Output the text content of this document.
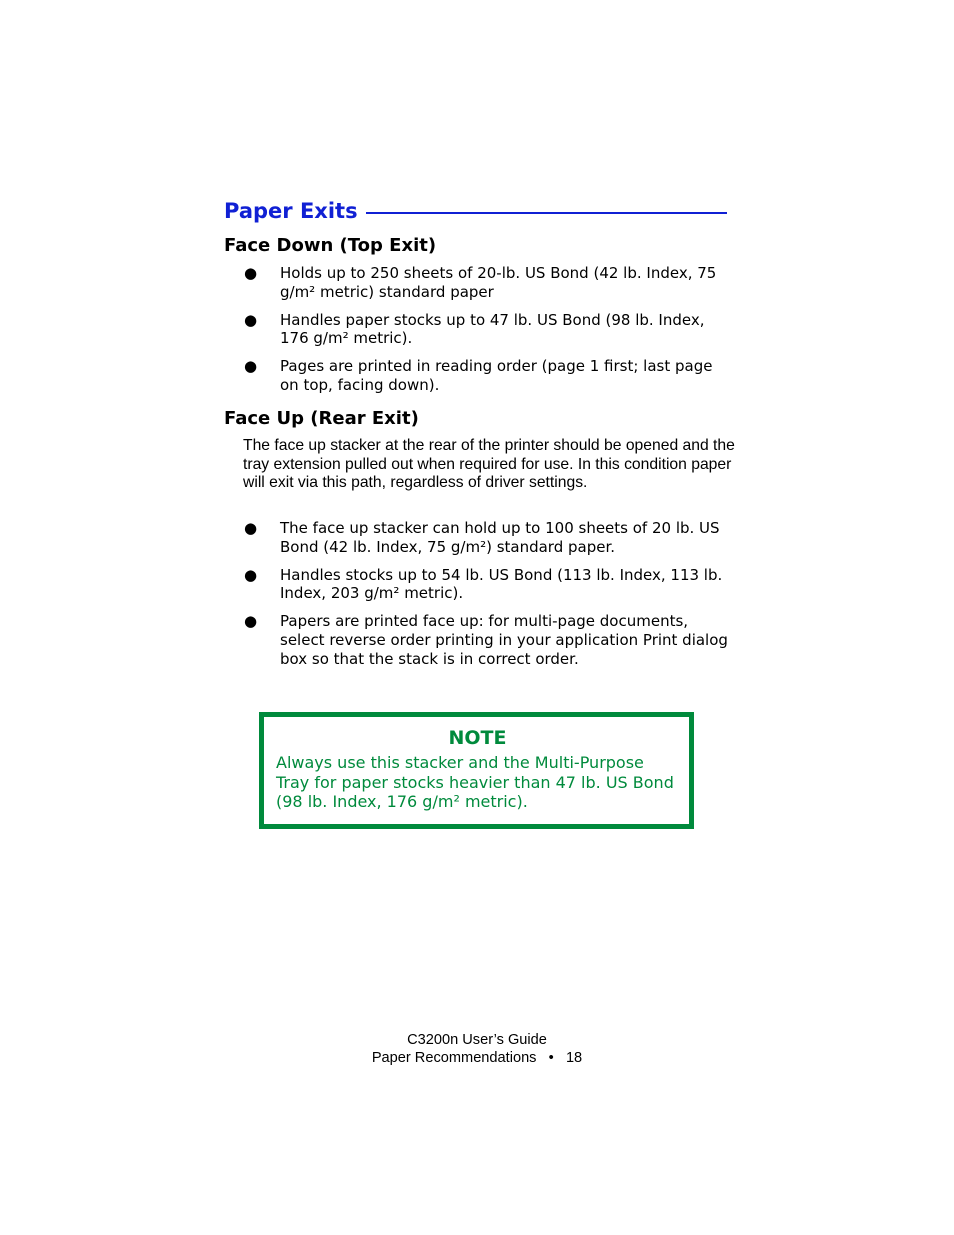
Paper Exits
Face Down (Top Exit)
● Holds up to 250 sheets of 20-lb. US Bond (42 lb. Index, 75 g/m² metric) standard paper
● Handles paper stocks up to 47 lb. US Bond (98 lb. Index, 176 g/m² metric).
● Pages are printed in reading order (page 1 first; last page on top, facing down).
Face Up (Rear Exit)

The face up stacker at the rear of the printer should be opened and the tray extension pulled out when required for use. In this condition paper will exit via this path, regardless of driver settings.

● The face up stacker can hold up to 100 sheets of 20 lb. US Bond (42 lb. Index, 75 g/m²) standard paper.
● Handles stocks up to 54 lb. US Bond (113 lb. Index, 113 lb. Index, 203 g/m² metric).
● Papers are printed face up: for multi-page documents, select reverse order printing in your application Print dialog box so that the stack is in correct order.
NOTE

Always use this stacker and the Multi-Purpose Tray for paper stocks heavier than 47 lb. US Bond (98 lb. Index, 176 g/m² metric).

C3200n User’s Guide
Paper Recommendations • 18
